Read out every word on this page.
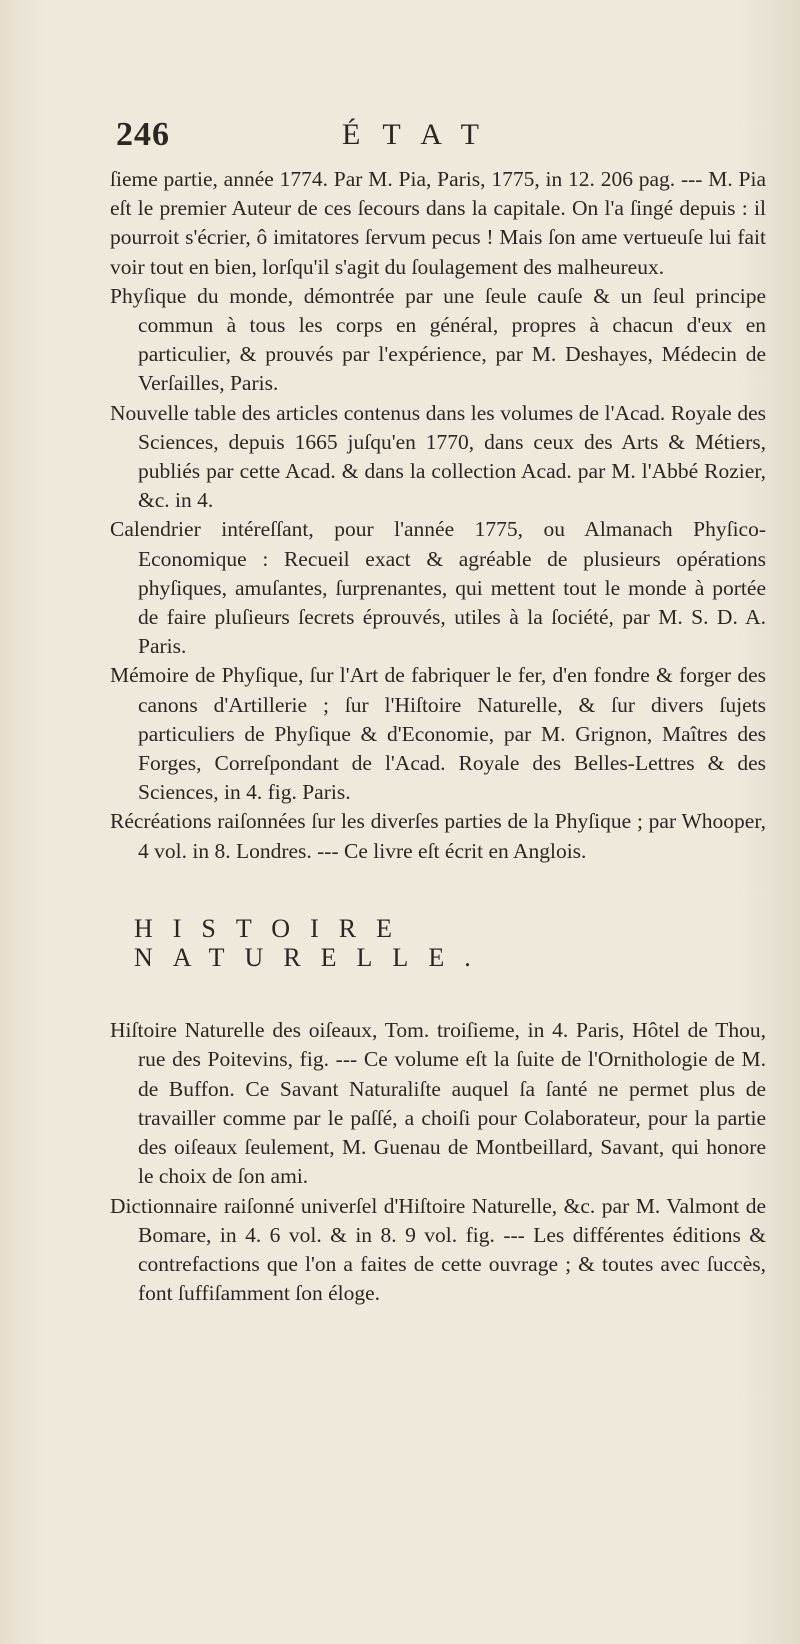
246	ÉTAT

ſieme partie, année 1774. Par M. Pia, Paris, 1775, in 12. 206 pag. --- M. Pia eſt le premier Auteur de ces ſecours dans la capitale. On l'a ſingé depuis : il pourroit s'écrier, ô imitatores ſervum pecus ! Mais ſon ame vertueuſe lui fait voir tout en bien, lorſqu'il s'agit du ſoulagement des malheureux.

Phyſique du monde, démontrée par une ſeule cauſe & un ſeul principe commun à tous les corps en général, propres à chacun d'eux en particulier, & prouvés par l'expérience, par M. Deshayes, Médecin de Verſailles, Paris.

Nouvelle table des articles contenus dans les volumes de l'Acad. Royale des Sciences, depuis 1665 juſqu'en 1770, dans ceux des Arts & Métiers, publiés par cette Acad. & dans la collection Acad. par M. l'Abbé Rozier, &c. in 4.

Calendrier intéreſſant, pour l'année 1775, ou Almanach Phyſico-Economique : Recueil exact & agréable de plusieurs opérations phyſiques, amuſantes, ſurprenantes, qui mettent tout le monde à portée de faire pluſieurs ſecrets éprouvés, utiles à la ſociété, par M. S. D. A. Paris.

Mémoire de Phyſique, ſur l'Art de fabriquer le fer, d'en fondre & forger des canons d'Artillerie ; ſur l'Hiſtoire Naturelle, & ſur divers ſujets particuliers de Phyſique & d'Economie, par M. Grignon, Maîtres des Forges, Correſpondant de l'Acad. Royale des Belles-Lettres & des Sciences, in 4. fig. Paris.

Récréations raiſonnées ſur les diverſes parties de la Phyſique ; par Whooper, 4 vol. in 8. Londres. --- Ce livre eſt écrit en Anglois.

HISTOIRE NATURELLE.

Hiſtoire Naturelle des oiſeaux, Tom. troiſieme, in 4. Paris, Hôtel de Thou, rue des Poitevins, fig. --- Ce volume eſt la ſuite de l'Ornithologie de M. de Buffon. Ce Savant Naturaliſte auquel ſa ſanté ne permet plus de travailler comme par le paſſé, a choiſi pour Colaborateur, pour la partie des oiſeaux ſeulement, M. Guenau de Montbeillard, Savant, qui honore le choix de ſon ami.

Dictionnaire raiſonné univerſel d'Hiſtoire Naturelle, &c. par M. Valmont de Bomare, in 4. 6 vol. & in 8. 9 vol. fig. --- Les différentes éditions & contrefactions que l'on a faites de cette ouvrage ; & toutes avec ſuccès, font ſuffiſamment ſon éloge.
